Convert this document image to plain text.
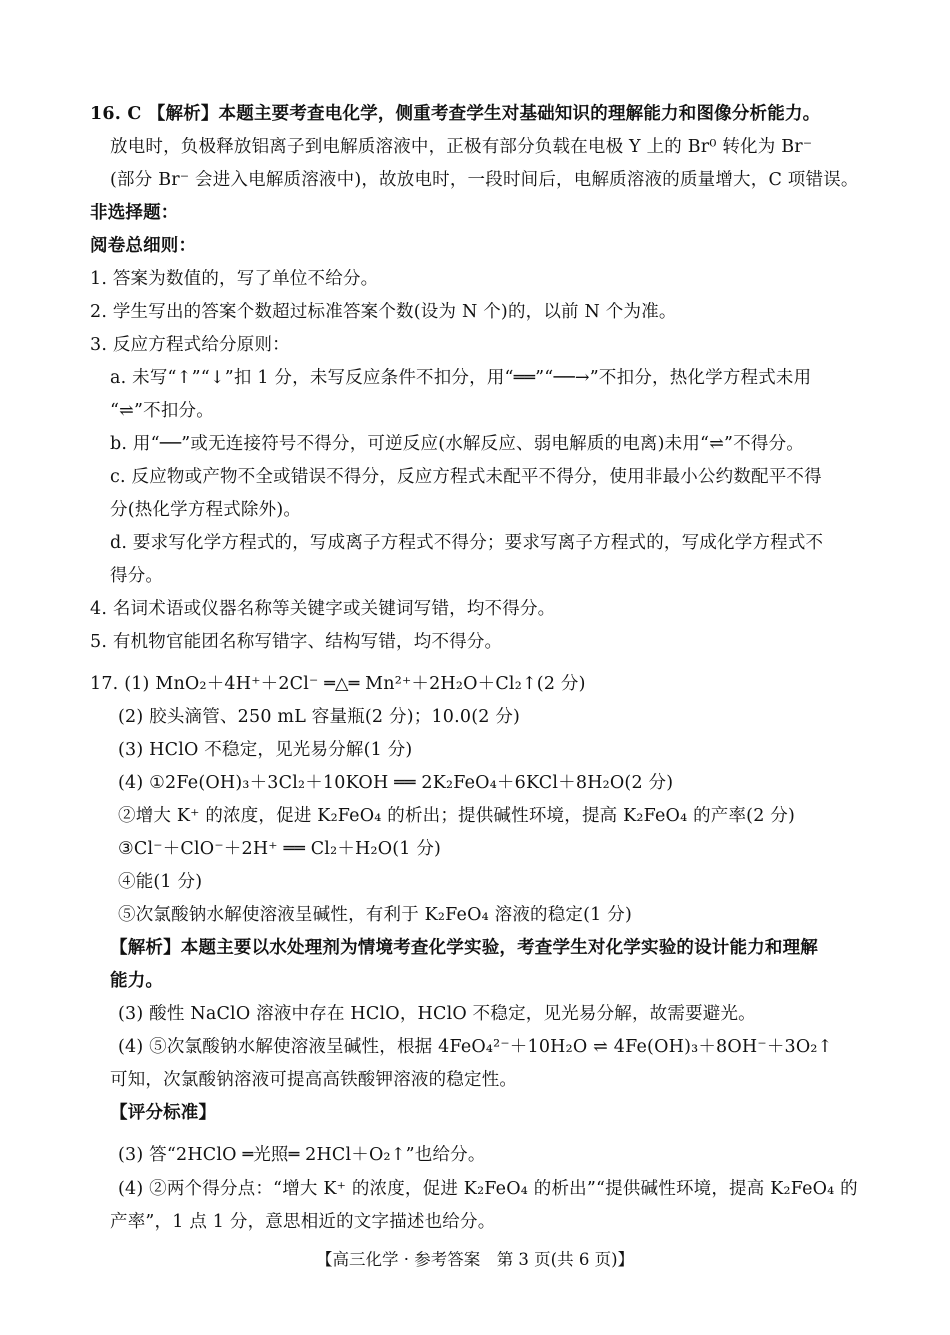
16. C 【解析】本题主要考查电化学，侧重考查学生对基础知识的理解能力和图像分析能力。
放电时，负极释放铝离子到电解质溶液中，正极有部分负载在电极 Y 上的 Br⁰ 转化为 Br⁻
(部分 Br⁻ 会进入电解质溶液中)，故放电时，一段时间后，电解质溶液的质量增大，C 项错误。
非选择题：
阅卷总细则：
1. 答案为数值的，写了单位不给分。
2. 学生写出的答案个数超过标准答案个数(设为 N 个)的，以前 N 个为准。
3. 反应方程式给分原则：
a. 未写“↑”“↓”扣 1 分，未写反应条件不扣分，用“══”“──→”不扣分，热化学方程式未用
“⇌”不扣分。
b. 用“──”或无连接符号不得分，可逆反应(水解反应、弱电解质的电离)未用“⇌”不得分。
c. 反应物或产物不全或错误不得分，反应方程式未配平不得分，使用非最小公约数配平不得
分(热化学方程式除外)。
d. 要求写化学方程式的，写成离子方程式不得分；要求写离子方程式的，写成化学方程式不
得分。
4. 名词术语或仪器名称等关键字或关键词写错，均不得分。
5. 有机物官能团名称写错字、结构写错，均不得分。
17. (1) MnO₂＋4H⁺＋2Cl⁻ ═△═ Mn²⁺＋2H₂O＋Cl₂↑(2 分)
(2) 胶头滴管、250 mL 容量瓶(2 分)；10.0(2 分)
(3) HClO 不稳定，见光易分解(1 分)
(4) ①2Fe(OH)₃＋3Cl₂＋10KOH ══ 2K₂FeO₄＋6KCl＋8H₂O(2 分)
②增大 K⁺ 的浓度，促进 K₂FeO₄ 的析出；提供碱性环境，提高 K₂FeO₄ 的产率(2 分)
③Cl⁻＋ClO⁻＋2H⁺ ══ Cl₂＋H₂O(1 分)
④能(1 分)
⑤次氯酸钠水解使溶液呈碱性，有利于 K₂FeO₄ 溶液的稳定(1 分)
【解析】本题主要以水处理剂为情境考查化学实验，考查学生对化学实验的设计能力和理解
能力。
(3) 酸性 NaClO 溶液中存在 HClO，HClO 不稳定，见光易分解，故需要避光。
(4) ⑤次氯酸钠水解使溶液呈碱性，根据 4FeO₄²⁻＋10H₂O ⇌ 4Fe(OH)₃＋8OH⁻＋3O₂↑
可知，次氯酸钠溶液可提高高铁酸钾溶液的稳定性。
【评分标准】
(3) 答“2HClO ═光照═ 2HCl＋O₂↑”也给分。
(4) ②两个得分点：“增大 K⁺ 的浓度，促进 K₂FeO₄ 的析出”“提供碱性环境，提高 K₂FeO₄ 的
产率”，1 点 1 分，意思相近的文字描述也给分。
【高三化学 · 参考答案　第 3 页(共 6 页)】
